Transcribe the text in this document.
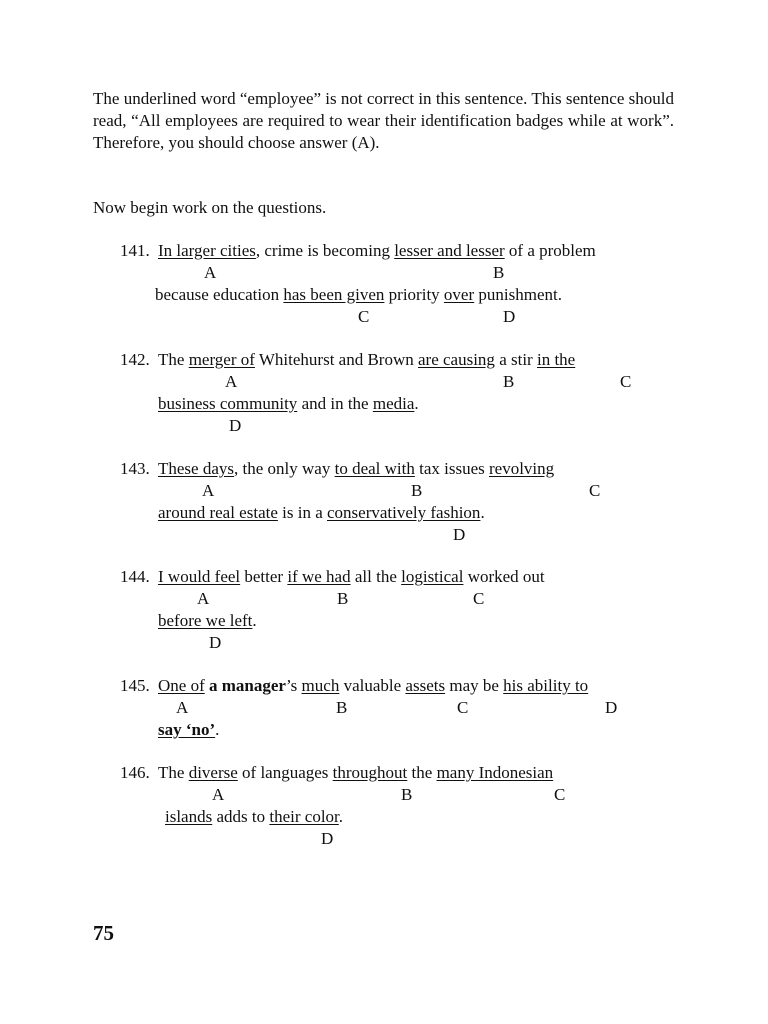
The underlined word “employee” is not correct in this sentence. This sentence should read, “All employees are required to wear their identification badges while at work”. Therefore, you should choose answer (A).
Now begin work on the questions.
141. In larger cities, crime is becoming lesser and lesser of a problem
because education has been given priority over punishment.
A	B
C	D
142. The merger of Whitehurst and Brown are causing a stir in the
business community and in the media.
A	B	C
D
143. These days, the only way to deal with tax issues revolving
around real estate is in a conservatively fashion.
A	B	C
D
144. I would feel better if we had all the logistical worked out
before we left.
A	B	C
D
145. One of a manager’s much valuable assets may be his ability to
say ‘no’.
A	B	C	D
146. The diverse of languages throughout the many Indonesian
islands adds to their color.
A	B	C
D
75
